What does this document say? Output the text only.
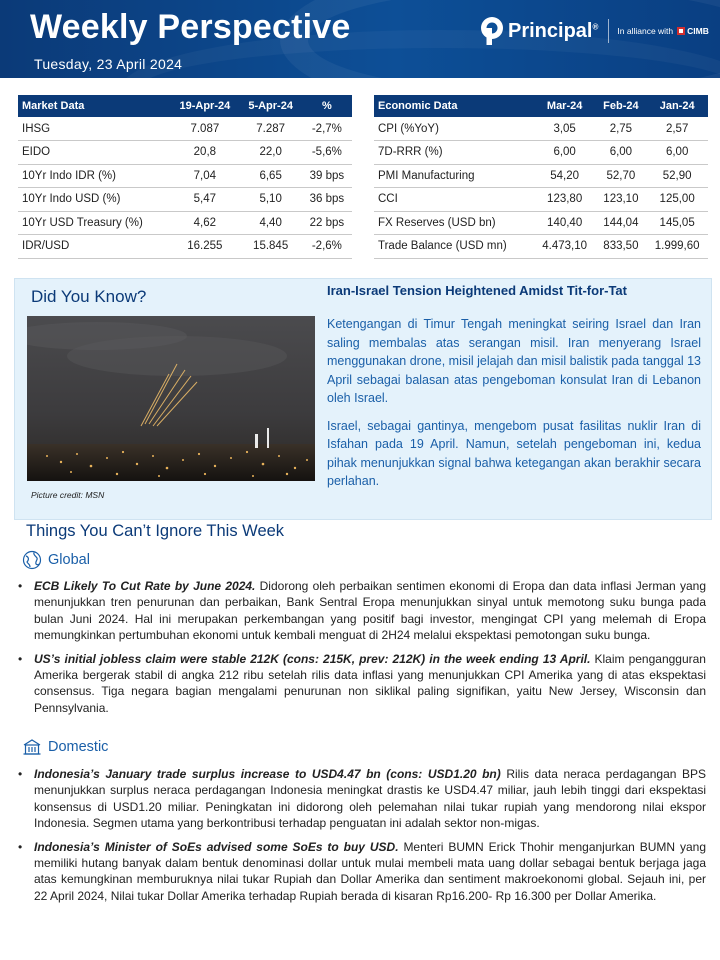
Weekly Perspective
Tuesday, 23 April 2024
Principal® In alliance with CIMB
Market Data	19-Apr-24	5-Apr-24	%
IHSG	7.087	7.287	-2,7%
EIDO	20,8	22,0	-5,6%
10Yr Indo IDR (%)	7,04	6,65	39 bps
10Yr Indo USD (%)	5,47	5,10	36 bps
10Yr USD Treasury (%)	4,62	4,40	22 bps
IDR/USD	16.255	15.845	-2,6%
Economic Data	Mar-24	Feb-24	Jan-24
CPI (%YoY)	3,05	2,75	2,57
7D-RRR (%)	6,00	6,00	6,00
PMI Manufacturing	54,20	52,70	52,90
CCI	123,80	123,10	125,00
FX Reserves (USD bn)	140,40	144,04	145,05
Trade Balance (USD mn)	4.473,10	833,50	1.999,60
Did You Know?
Picture credit: MSN
Iran-Israel Tension Heightened Amidst Tit-for-Tat

Ketengangan di Timur Tengah meningkat seiring Israel dan Iran saling membalas atas serangan misil. Iran menyerang Israel menggunakan drone, misil jelajah dan misil balistik pada tanggal 13 April sebagai balasan atas pengeboman konsulat Iran di Lebanon oleh Israel.

Israel, sebagai gantinya, mengebom pusat fasilitas nuklir Iran di Isfahan pada 19 April. Namun, setelah pengeboman ini, kedua pihak menunjukkan signal bahwa ketegangan akan berakhir secara perlahan.

Things You Can’t Ignore This Week
Global
• ECB Likely To Cut Rate by June 2024. Didorong oleh perbaikan sentimen ekonomi di Eropa dan data inflasi Jerman yang menunjukkan tren penurunan dan perbaikan, Bank Sentral Eropa menunjukkan sinyal untuk memotong suku bunga pada bulan Juni 2024. Hal ini merupakan perkembangan yang positif bagi investor, mengingat CPI yang melemah di Eropa memungkinkan pertumbuhan ekonomi untuk kembali menguat di 2H24 melalui ekspektasi pemotongan suku bunga.
• US’s initial jobless claim were stable 212K (cons: 215K, prev: 212K) in the week ending 13 April. Klaim pengangguran Amerika bergerak stabil di angka 212 ribu setelah rilis data inflasi yang menunjukkan CPI Amerika yang di atas ekspektasi consensus. Tiga negara bagian mengalami penurunan non siklikal paling signifikan, yaitu New Jersey, Wisconsin dan Pennsylvania.
Domestic
• Indonesia’s January trade surplus increase to USD4.47 bn (cons: USD1.20 bn) Rilis data neraca perdagangan BPS menunjukkan surplus neraca perdagangan Indonesia meningkat drastis ke USD4.47 miliar, jauh lebih tinggi dari ekspektasi konsensus di USD1.20 miliar. Peningkatan ini didorong oleh pelemahan nilai tukar rupiah yang mendorong nilai ekspor Indonesia. Segmen utama yang berkontribusi terhadap penguatan ini adalah sektor non-migas.
• Indonesia’s Minister of SoEs advised some SoEs to buy USD. Menteri BUMN Erick Thohir menganjurkan BUMN yang memiliki hutang banyak dalam bentuk denominasi dollar untuk mulai membeli mata uang dollar sebagai bentuk berjaga jaga atas kemungkinan memburuknya nilai tukar Rupiah dan Dollar Amerika dan sentiment makroekonomi global. Sejauh ini, per 22 April 2024, Nilai tukar Dollar Amerika terhadap Rupiah berada di kisaran Rp16.200- Rp 16.300 per Dollar Amerika.
